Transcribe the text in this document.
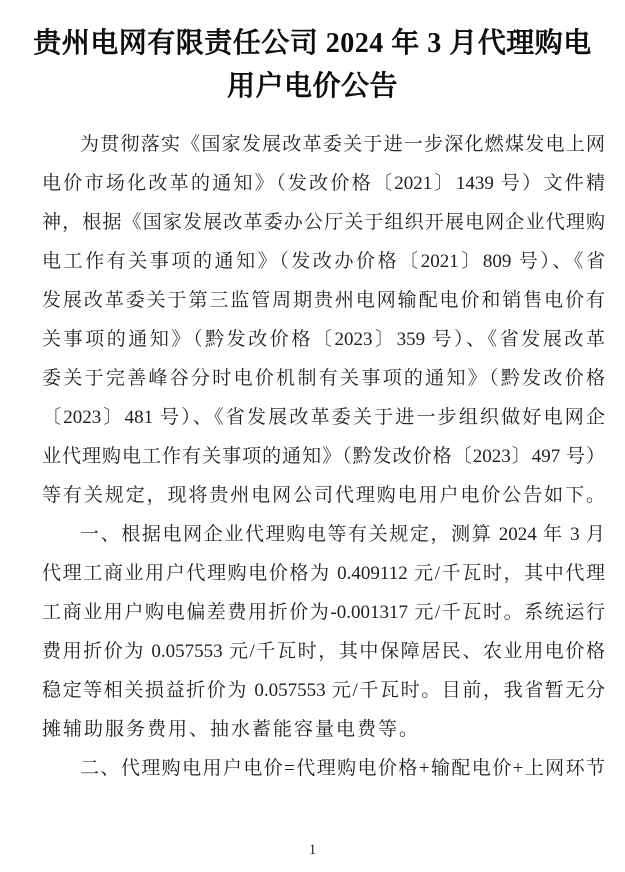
贵州电网有限责任公司 2024 年 3 月代理购电
用户电价公告
为贯彻落实《国家发展改革委关于进一步深化燃煤发电上网
电价市场化改革的通知》（发改价格〔2021〕1439 号）文件精
神，根据《国家发展改革委办公厅关于组织开展电网企业代理购
电工作有关事项的通知》（发改办价格〔2021〕809 号）、《省
发展改革委关于第三监管周期贵州电网输配电价和销售电价有
关事项的通知》（黔发改价格〔2023〕359 号）、《省发展改革
委关于完善峰谷分时电价机制有关事项的通知》（黔发改价格
〔2023〕481 号）、《省发展改革委关于进一步组织做好电网企
业代理购电工作有关事项的通知》（黔发改价格〔2023〕497 号）
等有关规定，现将贵州电网公司代理购电用户电价公告如下。
一、根据电网企业代理购电等有关规定，测算 2024 年 3 月
代理工商业用户代理购电价格为 0.409112 元/千瓦时，其中代理
工商业用户购电偏差费用折价为-0.001317 元/千瓦时。系统运行
费用折价为 0.057553 元/千瓦时，其中保障居民、农业用电价格
稳定等相关损益折价为 0.057553 元/千瓦时。目前，我省暂无分
摊辅助服务费用、抽水蓄能容量电费等。
二、代理购电用户电价=代理购电价格+输配电价+上网环节
1
